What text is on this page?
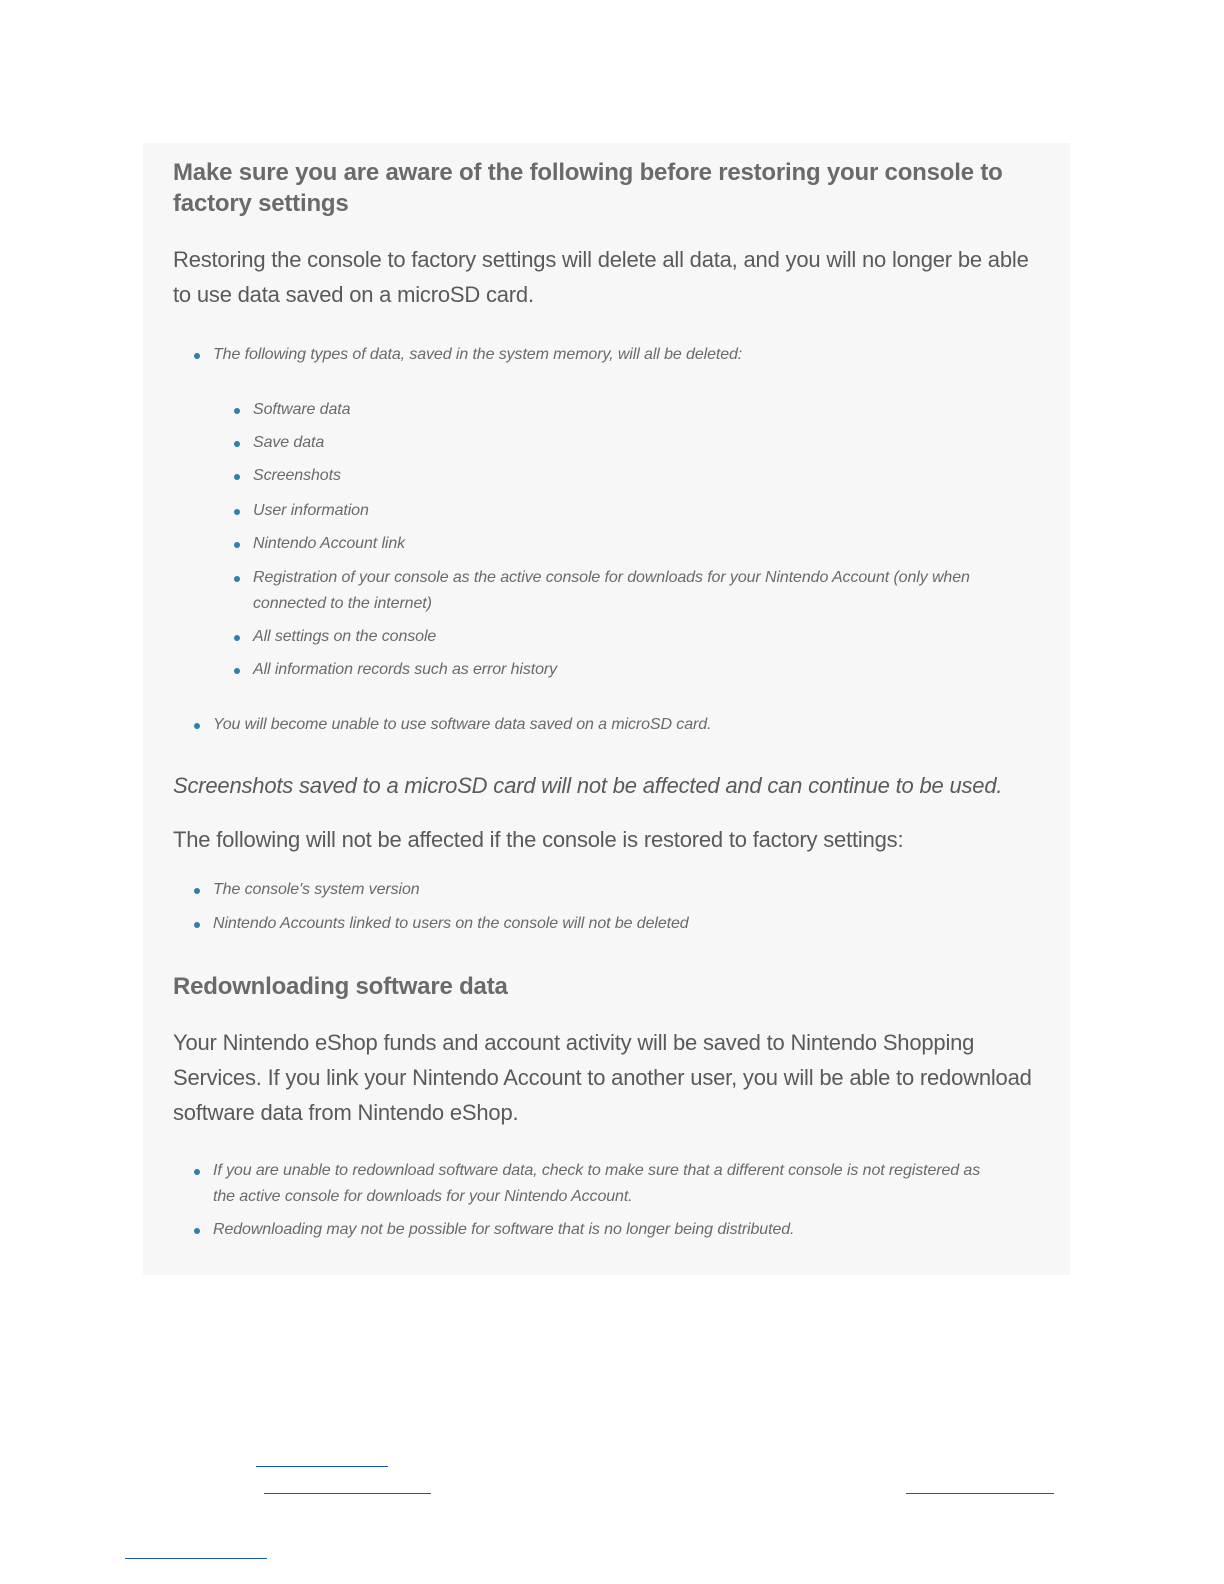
Make sure you are aware of the following before restoring your console to factory settings

Restoring the console to factory settings will delete all data, and you will no longer be able to use data saved on a microSD card.

The following types of data, saved in the system memory, will all be deleted:
Software data
Save data
Screenshots
User information
Nintendo Account link
Registration of your console as the active console for downloads for your Nintendo Account (only when connected to the internet)
All settings on the console
All information records such as error history
You will become unable to use software data saved on a microSD card.

Screenshots saved to a microSD card will not be affected and can continue to be used.

The following will not be affected if the console is restored to factory settings:

The console's system version
Nintendo Accounts linked to users on the console will not be deleted
Redownloading software data

Your Nintendo eShop funds and account activity will be saved to Nintendo Shopping Services. If you link your Nintendo Account to another user, you will be able to redownload software data from Nintendo eShop.

If you are unable to redownload software data, check to make sure that a different console is not registered as the active console for downloads for your Nintendo Account.
Redownloading may not be possible for software that is no longer being distributed.
